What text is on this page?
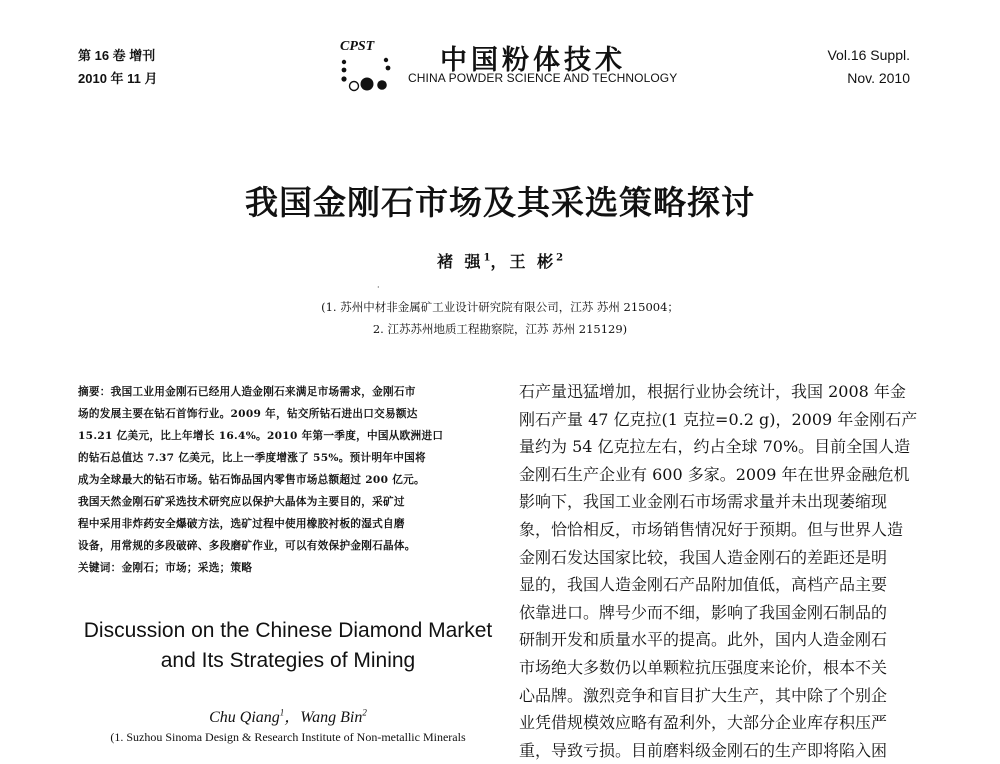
第 16 卷 增刊
2010 年 11 月
CPST 中国粉体技术
CHINA POWDER SCIENCE AND TECHNOLOGY
Vol.16 Suppl.
Nov. 2010
我国金刚石市场及其采选策略探讨
褚 强$^1$，王 彬$^2$
·
(1. 苏州中材非金属矿工业设计研究院有限公司，江苏 苏州 215004；
2. 江苏苏州地质工程勘察院，江苏 苏州 215129)
摘要：我国工业用金刚石已经用人造金刚石来满足市场需求，金刚石市
场的发展主要在钻石首饰行业。2009 年，钻交所钻石进出口交易额达
15.21 亿美元，比上年增长 16.4%。2010 年第一季度，中国从欧洲进口
的钻石总值达 7.37 亿美元，比上一季度增涨了 55%。预计明年中国将
成为全球最大的钻石市场。钻石饰品国内零售市场总额超过 200 亿元。
我国天然金刚石矿采选技术研究应以保护大晶体为主要目的，采矿过
程中采用非炸药安全爆破方法，选矿过程中使用橡胶衬板的湿式自磨
设备，用常规的多段破碎、多段磨矿作业，可以有效保护金刚石晶体。
关键词：金刚石；市场；采选；策略
Discussion on the Chinese Diamond Market
and Its Strategies of Mining
Chu Qiang$^1$，Wang Bin$^2$
(1. Suzhou Sinoma Design & Research Institute of Non-metallic Minerals
石产量迅猛增加，根据行业协会统计，我国 2008 年金
刚石产量 47 亿克拉(1 克拉=0.2 g)，2009 年金刚石产
量约为 54 亿克拉左右，约占全球 70%。目前全国人造
金刚石生产企业有 600 多家。2009 年在世界金融危机
影响下，我国工业金刚石市场需求量并未出现萎缩现
象，恰恰相反，市场销售情况好于预期。但与世界人造
金刚石发达国家比较，我国人造金刚石的差距还是明
显的，我国人造金刚石产品附加值低，高档产品主要
依靠进口。牌号少而不细，影响了我国金刚石制品的
研制开发和质量水平的提高。此外，国内人造金刚石
市场绝大多数仍以单颗粒抗压强度来论价，根本不关
心品牌。激烈竞争和盲目扩大生产，其中除了个别企
业凭借规模效应略有盈利外，大部分企业库存积压严
重，导致亏损。目前磨料级金刚石的生产即将陷入困
